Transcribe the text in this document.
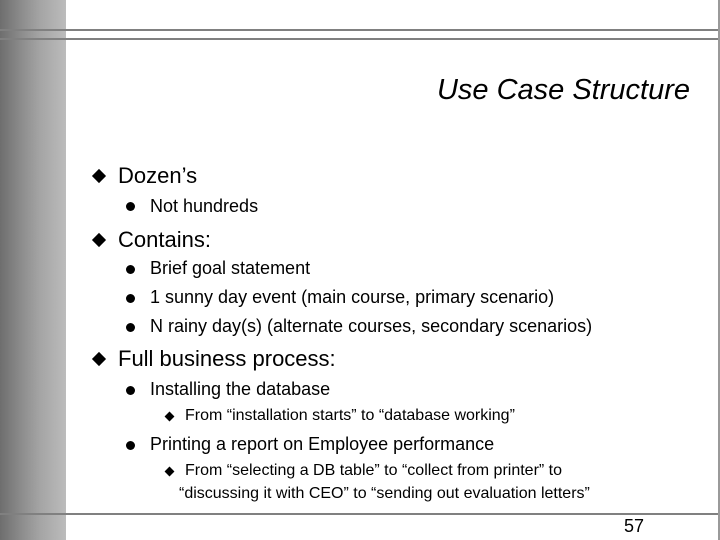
Use Case Structure
Dozen’s
Not hundreds
Contains:
Brief goal statement
1 sunny day event (main course, primary scenario)
N rainy day(s) (alternate courses, secondary scenarios)
Full business process:
Installing the database
From “installation starts” to “database working”
Printing a report on Employee performance
From “selecting a DB table” to “collect from printer” to
“discussing it with CEO” to “sending out evaluation letters”
57
